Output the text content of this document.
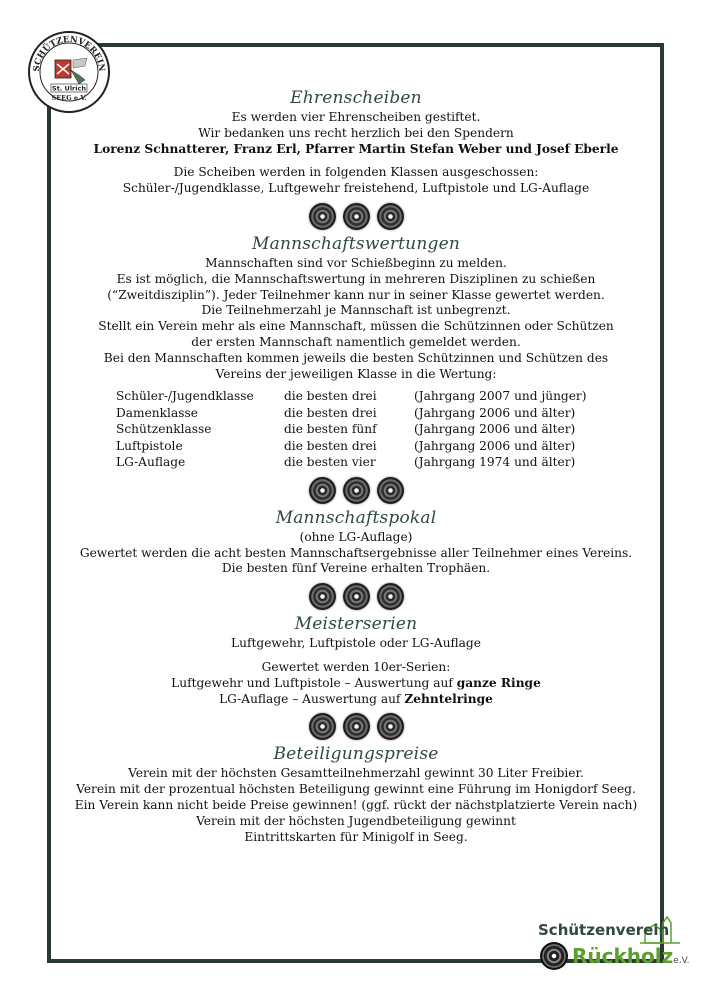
SCHÜTZENVEREIN
St. Ulrich
SEEG e.V.	Ehrenscheiben
Es werden vier Ehrenscheiben gestiftet.
Wir bedanken uns recht herzlich bei den Spendern
Lorenz Schnatterer, Franz Erl, Pfarrer Martin Stefan Weber und Josef Eberle
Die Scheiben werden in folgenden Klassen ausgeschossen:
Schüler-/Jugendklasse, Luftgewehr freistehend, Luftpistole und LG-Auflage
Mannschaftswertungen
Mannschaften sind vor Schießbeginn zu melden.
Es ist möglich, die Mannschaftswertung in mehreren Disziplinen zu schießen
(“Zweitdisziplin”). Jeder Teilnehmer kann nur in seiner Klasse gewertet werden.
Die Teilnehmerzahl je Mannschaft ist unbegrenzt.
Stellt ein Verein mehr als eine Mannschaft, müssen die Schützinnen oder Schützen
der ersten Mannschaft namentlich gemeldet werden.
Bei den Mannschaften kommen jeweils die besten Schützinnen und Schützen des
Vereins der jeweiligen Klasse in die Wertung:
Schüler-/Jugendklasse	die besten drei	(Jahrgang 2007 und jünger)
Damenklasse	die besten drei	(Jahrgang 2006 und älter)
Schützenklasse	die besten fünf	(Jahrgang 2006 und älter)
Luftpistole	die besten drei	(Jahrgang 2006 und älter)
LG-Auflage	die besten vier	(Jahrgang 1974 und älter)
Mannschaftspokal
(ohne LG-Auflage)
Gewertet werden die acht besten Mannschaftsergebnisse aller Teilnehmer eines Vereins.
Die besten fünf Vereine erhalten Trophäen.
Meisterserien
Luftgewehr, Luftpistole oder LG-Auflage
Gewertet werden 10er-Serien:
Luftgewehr und Luftpistole – Auswertung auf ganze Ringe
LG-Auflage – Auswertung auf Zehntelringe
Beteiligungspreise
Verein mit der höchsten Gesamtteilnehmerzahl gewinnt 30 Liter Freibier.
Verein mit der prozentual höchsten Beteiligung gewinnt eine Führung im Honigdorf Seeg.
Ein Verein kann nicht beide Preise gewinnen! (ggf. rückt der nächstplatzierte Verein nach)
Verein mit der höchsten Jugendbeteiligung gewinnt
Eintrittskarten für Minigolf in Seeg.
Schützenverein
Rückholze.V.
